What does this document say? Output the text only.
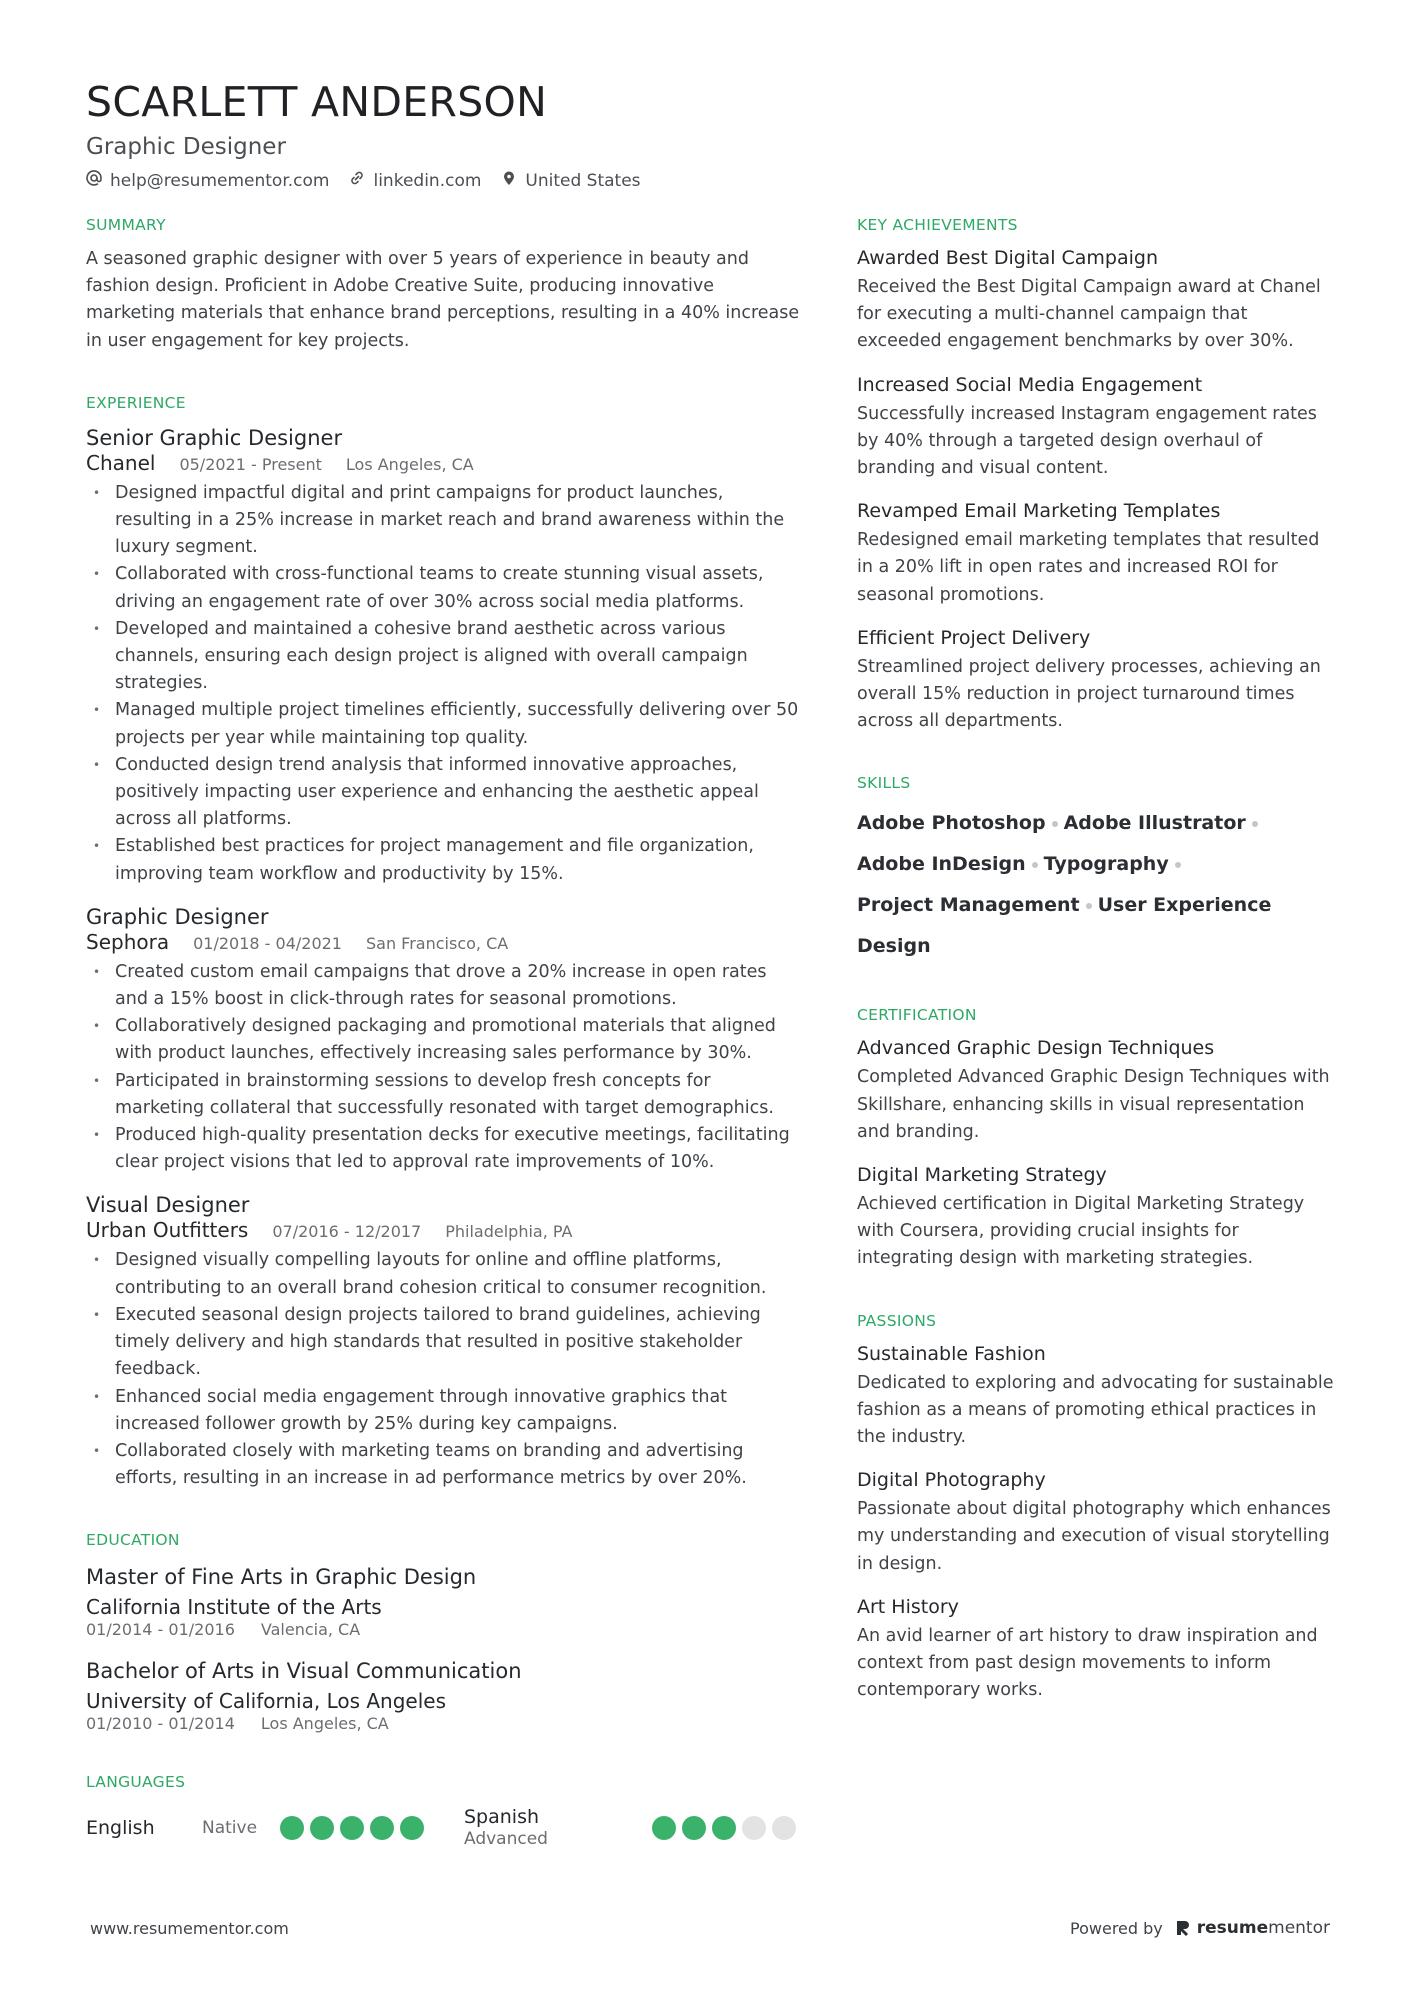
SCARLETT ANDERSON
Graphic Designer
help@resumementor.com	linkedin.com	United States
SUMMARY

A seasoned graphic designer with over 5 years of experience in beauty and fashion design. Proficient in Adobe Creative Suite, producing innovative marketing materials that enhance brand perceptions, resulting in a 40% increase in user engagement for key projects.

EXPERIENCE
Senior Graphic Designer
Chanel 05/2021 - Present Los Angeles, CA
• Designed impactful digital and print campaigns for product launches, resulting in a 25% increase in market reach and brand awareness within the luxury segment.
• Collaborated with cross-functional teams to create stunning visual assets, driving an engagement rate of over 30% across social media platforms.
• Developed and maintained a cohesive brand aesthetic across various channels, ensuring each design project is aligned with overall campaign strategies.
• Managed multiple project timelines efficiently, successfully delivering over 50 projects per year while maintaining top quality.
• Conducted design trend analysis that informed innovative approaches, positively impacting user experience and enhancing the aesthetic appeal across all platforms.
• Established best practices for project management and file organization, improving team workflow and productivity by 15%.
Graphic Designer
Sephora 01/2018 - 04/2021 San Francisco, CA
• Created custom email campaigns that drove a 20% increase in open rates and a 15% boost in click-through rates for seasonal promotions.
• Collaboratively designed packaging and promotional materials that aligned with product launches, effectively increasing sales performance by 30%.
• Participated in brainstorming sessions to develop fresh concepts for marketing collateral that successfully resonated with target demographics.
• Produced high-quality presentation decks for executive meetings, facilitating clear project visions that led to approval rate improvements of 10%.
Visual Designer
Urban Outfitters 07/2016 - 12/2017 Philadelphia, PA
• Designed visually compelling layouts for online and offline platforms, contributing to an overall brand cohesion critical to consumer recognition.
• Executed seasonal design projects tailored to brand guidelines, achieving timely delivery and high standards that resulted in positive stakeholder feedback.
• Enhanced social media engagement through innovative graphics that increased follower growth by 25% during key campaigns.
• Collaborated closely with marketing teams on branding and advertising efforts, resulting in an increase in ad performance metrics by over 20%.
EDUCATION
Master of Fine Arts in Graphic Design
California Institute of the Arts
01/2014 - 01/2016 Valencia, CA
Bachelor of Arts in Visual Communication
University of California, Los Angeles
01/2010 - 01/2014 Los Angeles, CA
LANGUAGES
English	Native	Spanish
Advanced
KEY ACHIEVEMENTS
Awarded Best Digital Campaign

Received the Best Digital Campaign award at Chanel for executing a multi-channel campaign that exceeded engagement benchmarks by over 30%.

Increased Social Media Engagement

Successfully increased Instagram engagement rates by 40% through a targeted design overhaul of branding and visual content.

Revamped Email Marketing Templates

Redesigned email marketing templates that resulted in a 20% lift in open rates and increased ROI for seasonal promotions.

Efficient Project Delivery

Streamlined project delivery processes, achieving an overall 15% reduction in project turnaround times across all departments.

SKILLS
Adobe Photoshop Adobe Illustrator
Adobe InDesign Typography
Project Management User Experience Design
CERTIFICATION
Advanced Graphic Design Techniques

Completed Advanced Graphic Design Techniques with Skillshare, enhancing skills in visual representation and branding.

Digital Marketing Strategy

Achieved certification in Digital Marketing Strategy with Coursera, providing crucial insights for integrating design with marketing strategies.

PASSIONS
Sustainable Fashion

Dedicated to exploring and advocating for sustainable fashion as a means of promoting ethical practices in the industry.

Digital Photography

Passionate about digital photography which enhances my understanding and execution of visual storytelling in design.

Art History

An avid learner of art history to draw inspiration and context from past design movements to inform contemporary works.

www.resumementor.com	Powered by resumementor
